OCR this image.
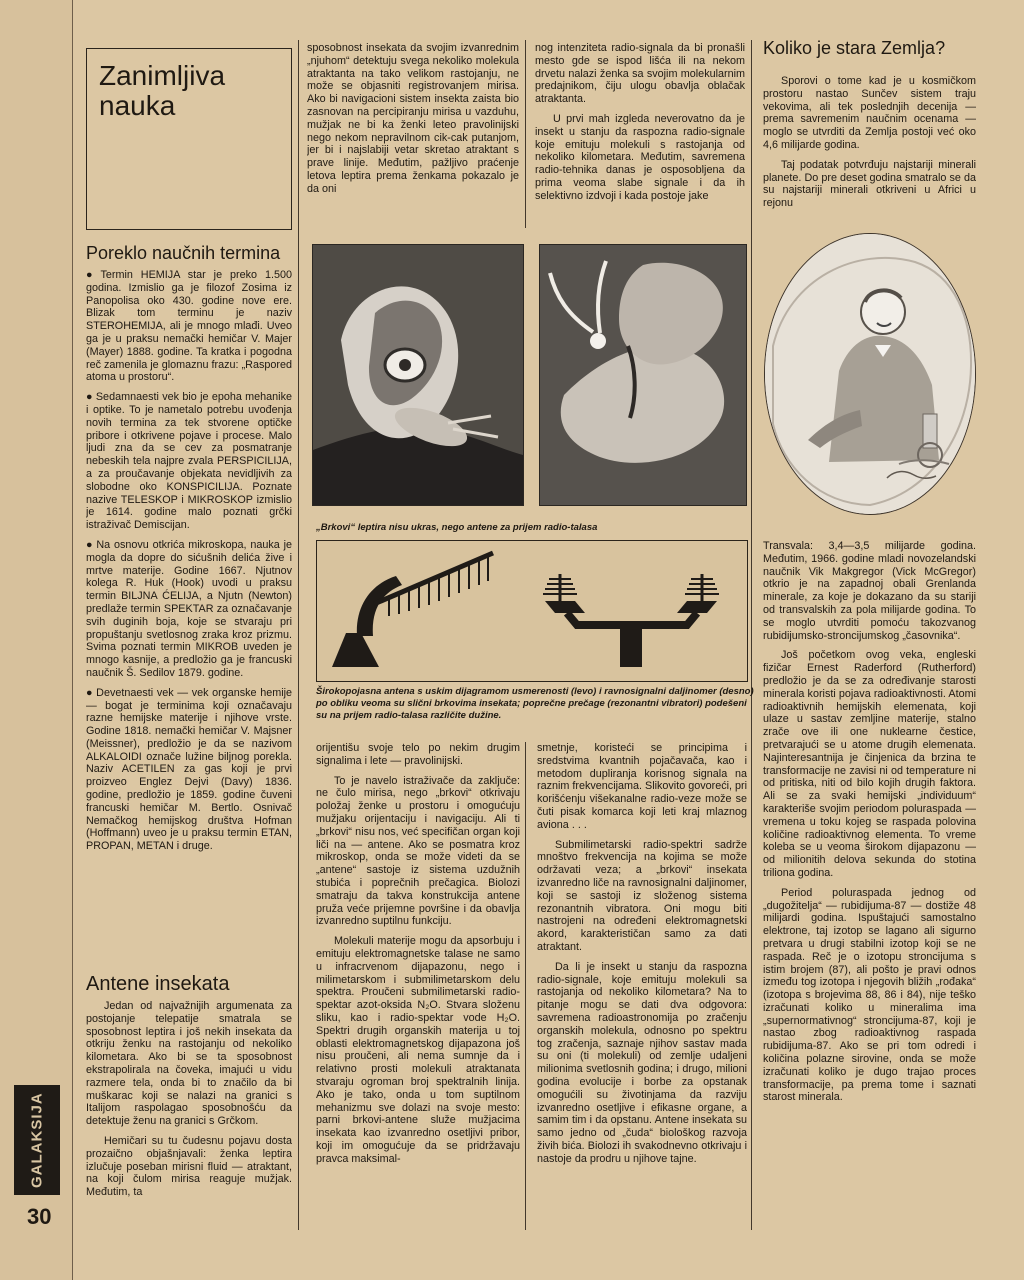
GALAKSIJA
30
Zanimljiva nauka
Poreklo naučnih termina

● Termin HEMIJA star je preko 1.500 godina. Izmislio ga je filozof Zosima iz Panopolisa oko 430. godine nove ere. Blizak tom terminu je naziv STEROHEMIJA, ali je mnogo mlađi. Uveo ga je u praksu nemački hemičar V. Majer (Mayer) 1888. godine. Ta kratka i pogodna reč zamenila je glomaznu frazu: „Raspored atoma u prostoru“.

● Sedamnaesti vek bio je epoha mehanike i optike. To je nametalo potrebu uvođenja novih termina za tek stvorene optičke pribore i otkrivene pojave i procese. Malo ljudi zna da se cev za posmatranje nebeskih tela najpre zvala PERSPICILIJA, a za proučavanje objekata nevidljivih za slobodne oko KONSPICILIJA. Poznate nazive TELESKOP i MIKROSKOP izmislio je 1614. godine malo poznati grčki istraživač Demiscijan.

● Na osnovu otkrića mikroskopa, nauka je mogla da dopre do sićušnih delića žive i mrtve materije. Godine 1667. Njutnov kolega R. Huk (Hook) uvodi u praksu termin BILJNA ĆELIJA, a Njutn (Newton) predlaže termin SPEKTAR za označavanje svih duginih boja, koje se stvaraju pri propuštanju svetlosnog zraka kroz prizmu. Svima poznati termin MIKROB uveden je mnogo kasnije, a predložio ga je francuski naučnik Š. Sedilov 1879. godine.

● Devetnaesti vek — vek organske hemije — bogat je terminima koji označavaju razne hemijske materije i njihove vrste. Godine 1818. nemački hemičar V. Majsner (Meissner), predložio je da se nazivom ALKALOIDI označe lužine biljnog porekla. Naziv ACETILEN za gas koji je prvi proizveo Englez Dejvi (Davy) 1836. godine, predložio je 1859. godine čuveni francuski hemičar M. Bertlo. Osnivač Nemačkog hemijskog društva Hofman (Hoffmann) uveo je u praksu termin ETAN, PROPAN, METAN i druge.

Antene insekata

Jedan od najvažnijih argumenata za postojanje telepatije smatrala se sposobnost leptira i još nekih insekata da otkriju ženku na rastojanju od nekoliko kilometara. Ako bi se ta sposobnost ekstrapolirala na čoveka, imajući u vidu razmere tela, onda bi to značilo da bi muškarac koji se nalazi na granici s Italijom raspolagao sposobnošću da detektuje ženu na granici s Grčkom.

Hemičari su tu čudesnu pojavu dosta prozaično objašnjavali: ženka leptira izlučuje poseban mirisni fluid — atraktant, na koji čulom mirisa reaguje mužjak. Međutim, ta

sposobnost insekata da svojim izvanrednim „njuhom“ detektuju svega nekoliko molekula atraktanta na tako velikom rastojanju, ne može se objasniti registrovanjem mirisa. Ako bi navigacioni sistem insekta zaista bio zasnovan na percipiranju mirisa u vazduhu, mužjak ne bi ka ženki leteo pravolinijski nego nekom nepravilnom cik-cak putanjom, jer bi i najslabiji vetar skretao atraktant s prave linije. Međutim, pažljivo praćenje letova leptira prema ženkama pokazalo je da oni

nog intenziteta radio-signala da bi pronašli mesto gde se ispod lišća ili na nekom drvetu nalazi ženka sa svojim molekularnim predajnikom, čiju ulogu obavlja oblačak atraktanta.

U prvi mah izgleda neverovatno da je insekt u stanju da raspozna radio-signale koje emituju molekuli s rastojanja od nekoliko kilometara. Međutim, savremena radio-tehnika danas je osposobljena da prima veoma slabe signale i da ih selektivno izdvoji i kada postoje jake

„Brkovi“ leptira nisu ukras, nego antene za prijem radio-talasa
Širokopojasna antena s uskim dijagramom usmerenosti (levo) i ravnosignalni daljinomer (desno) po obliku veoma su slični brkovima insekata; poprečne prečage (rezonantni vibratori) podešeni su na prijem radio-talasa različite dužine.

orijentišu svoje telo po nekim drugim signalima i lete — pravolinijski.

To je navelo istraživače da zaključe: ne čulo mirisa, nego „brkovi“ otkrivaju položaj ženke u prostoru i omogućuju mužjaku orijentaciju i navigaciju. Ali ti „brkovi“ nisu nos, već specifičan organ koji liči na — antene. Ako se posmatra kroz mikroskop, onda se može videti da se „antene“ sastoje iz sistema uzdužnih stubića i poprečnih prečagica. Biolozi smatraju da takva konstrukcija antene pruža veće prijemne površine i da obavlja izvanredno suptilnu funkciju.

Molekuli materije mogu da apsorbuju i emituju elektromagnetske talase ne samo u infracrvenom dijapazonu, nego i milimetarskom i submilimetarskom delu spektra. Proučeni submilimetarski radio-spektar azot-oksida N₂O. Stvara složenu sliku, kao i radio-spektar vode H₂O. Spektri drugih organskih materija u toj oblasti elektromagnetskog dijapazona još nisu proučeni, ali nema sumnje da i relativno prosti molekuli atraktanata stvaraju ogroman broj spektralnih linija. Ako je tako, onda u tom suptilnom mehanizmu sve dolazi na svoje mesto: parni brkovi-antene služe mužjacima insekata kao izvanredno osetljivi pribor, koji im omogućuje da se pridržavaju pravca maksimal-

smetnje, koristeći se principima i sredstvima kvantnih pojačavača, kao i metodom dupliranja korisnog signala na raznim frekvencijama. Slikovito govoreći, pri korišćenju višekanalne radio-veze može se čuti pisak komarca koji leti kraj mlaznog aviona . . .

Submilimetarski radio-spektri sadrže mnoštvo frekvencija na kojima se može održavati veza; a „brkovi“ insekata izvanredno liče na ravnosignalni daljinomer, koji se sastoji iz složenog sistema rezonantnih vibratora. Oni mogu biti nastrojeni na određeni elektromagnetski akord, karakterističan samo za dati atraktant.

Da li je insekt u stanju da raspozna radio-signale, koje emituju molekuli sa rastojanja od nekoliko kilometara? Na to pitanje mogu se dati dva odgovora: savremena radioastronomija po zračenju organskih molekula, odnosno po spektru tog zračenja, saznaje njihov sastav mada su oni (ti molekuli) od zemlje udaljeni milionima svetlosnih godina; i drugo, milioni godina evolucije i borbe za opstanak omogućili su životinjama da razviju izvanredno osetljive i efikasne organe, a samim tim i da opstanu. Antene insekata su samo jedno od „čuda“ biološkog razvoja živih bića. Biolozi ih svakodnevno otkrivaju i nastoje da prodru u njihove tajne.

Koliko je stara Zemlja?

Sporovi o tome kad je u kosmičkom prostoru nastao Sunčev sistem traju vekovima, ali tek poslednjih decenija — prema savremenim naučnim ocenama — moglo se utvrditi da Zemlja postoji već oko 4,6 milijarde godina.

Taj podatak potvrđuju najstariji minerali planete. Do pre deset godina smatralo se da su najstariji minerali otkriveni u Africi u rejonu

Transvala: 3,4—3,5 milijarde godina. Međutim, 1966. godine mladi novozelandski naučnik Vik Makgregor (Vick McGregor) otkrio je na zapadnoj obali Grenlanda minerale, za koje je dokazano da su stariji od transvalskih za pola milijarde godina. To se moglo utvrditi pomoću takozvanog rubidijumsko-stroncijumskog „časovnika“.

Još početkom ovog veka, engleski fizičar Ernest Raderford (Rutherford) predložio je da se za određivanje starosti minerala koristi pojava radioaktivnosti. Atomi radioaktivnih hemijskih elemenata, koji ulaze u sastav zemljine materije, stalno zrače ove ili one nuklearne čestice, pretvarajući se u atome drugih elemenata. Najinteresantnija je činjenica da brzina te transformacije ne zavisi ni od temperature ni od pritiska, niti od bilo kojih drugih faktora. Ali se za svaki hemijski „individuum“ karakteriše svojim periodom poluraspada — vremena u toku kojeg se raspada polovina količine radioaktivnog elementa. To vreme koleba se u veoma širokom dijapazonu — od milionitih delova sekunda do stotina triliona godina.

Period poluraspada jednog od „dugožitelja“ — rubidijuma-87 — dostiže 48 milijardi godina. Ispuštajući samostalno elektrone, taj izotop se lagano ali sigurno pretvara u drugi stabilni izotop koji se ne raspada. Reč je o izotopu stroncijuma s istim brojem (87), ali pošto je pravi odnos između tog izotopa i njegovih bližih „rođaka“ (izotopa s brojevima 88, 86 i 84), nije teško izračunati koliko u mineralima ima „supernormativnog“ stroncijuma-87, koji je nastao zbog radioaktivnog raspada rubidijuma-87. Ako se pri tom odredi i količina polazne sirovine, onda se može izračunati koliko je dugo trajao proces transformacije, pa prema tome i saznati starost minerala.
